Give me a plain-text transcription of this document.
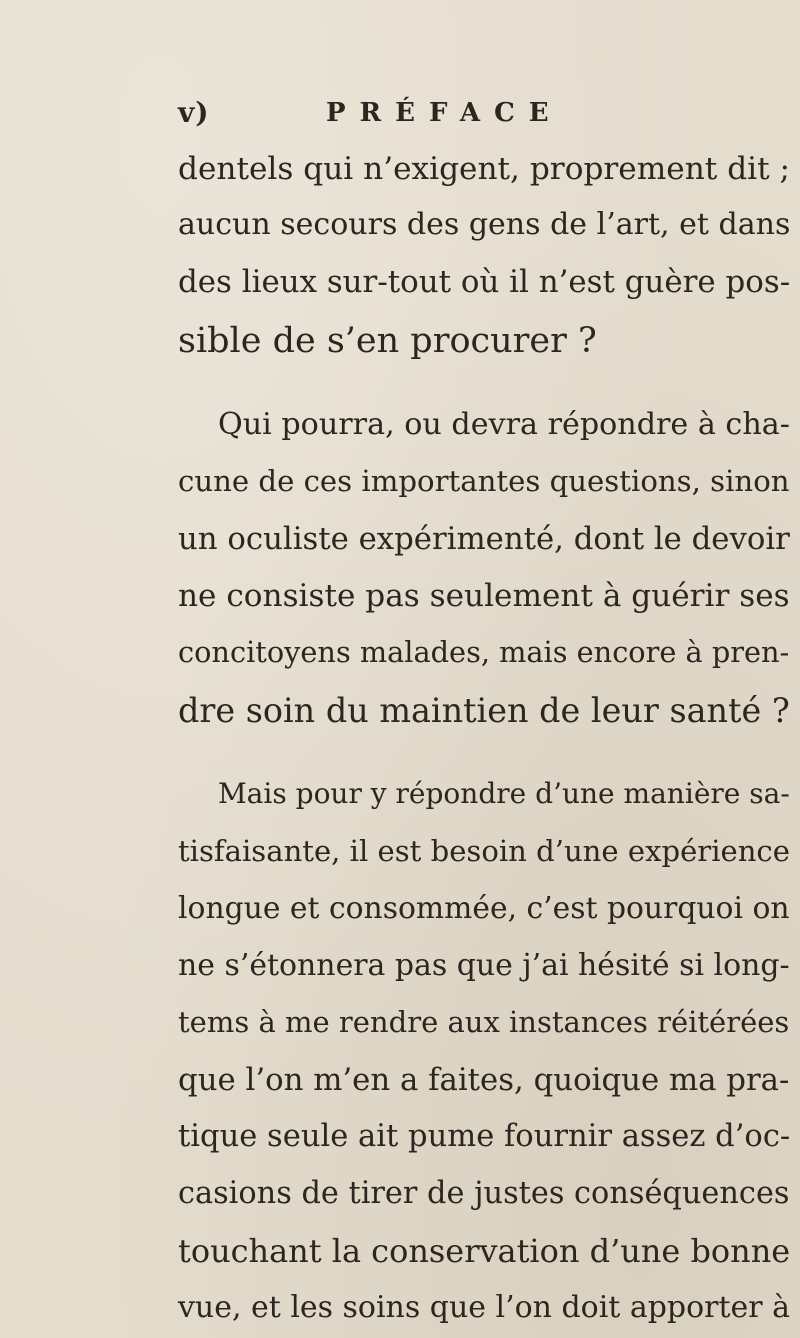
v)	PRÉFACE
dentels qui n’exigent, proprement dit ;
aucun secours des gens de l’art, et dans
des lieux sur-tout où il n’est guère pos-
sible de s’en procurer ?
Qui pourra, ou devra répondre à cha-
cune de ces importantes questions, sinon
un oculiste expérimenté, dont le devoir
ne consiste pas seulement à guérir ses
concitoyens malades, mais encore à pren-
dre soin du maintien de leur santé ?
Mais pour y répondre d’une manière sa-
tisfaisante, il est besoin d’une expérience
longue et consommée, c’est pourquoi on
ne s’étonnera pas que j’ai hésité si long-
tems à me rendre aux instances réitérées
que l’on m’en a faites, quoique ma pra-
tique seule ait pume fournir assez d’oc-
casions de tirer de justes conséquences
touchant la conservation d’une bonne
vue, et les soins que l’on doit apporter à
